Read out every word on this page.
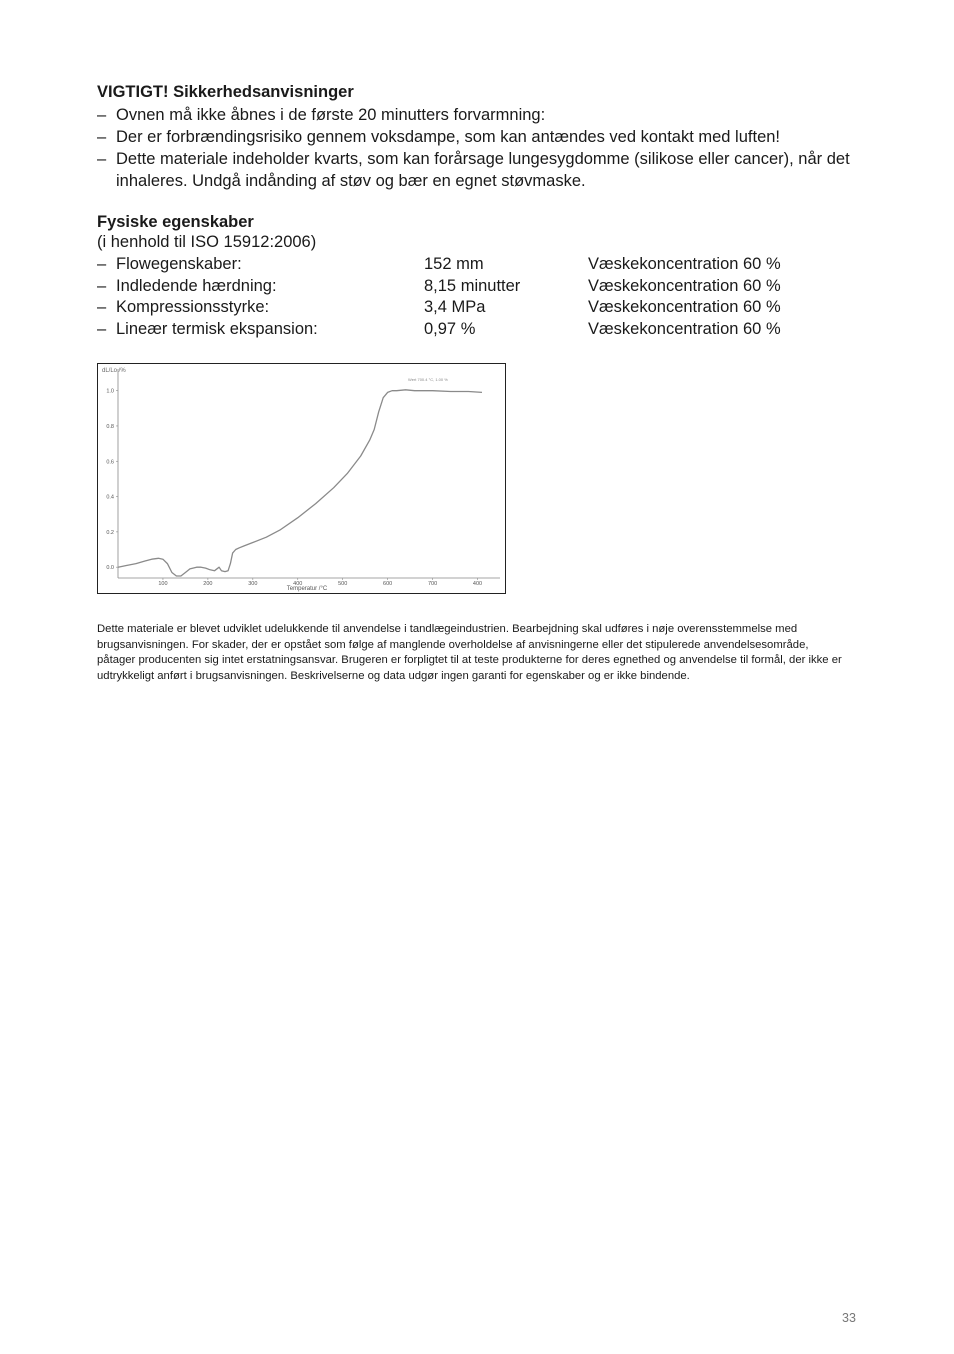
VIGTIGT! Sikkerhedsanvisninger
– Ovnen må ikke åbnes i de første 20 minutters forvarmning:
– Der er forbrændingsrisiko gennem voksdampe, som kan antændes ved kontakt med luften!
– Dette materiale indeholder kvarts, som kan forårsage lungesygdomme (silikose eller cancer), når det
inhaleres. Undgå indånding af støv og bær en egnet støvmaske.
Fysiske egenskaber
(i henhold til ISO 15912:2006)
– Flowegenskaber:	152 mm	Væskekoncentration 60 %
– Indledende hærdning:	8,15 minutter	Væskekoncentration 60 %
– Kompressionsstyrke:	3,4 MPa	Væskekoncentration 60 %
– Lineær termisk ekspansion:	0,97 %	Væskekoncentration 60 %
0.0
0.2
0.4
0.6
0.8
1.0
100	200	300	400	500	600	700	400
dL/Lo /%
Temperatur /°C
Wert 700.4 °C, 1.00 %
Dette materiale er blevet udviklet udelukkende til anvendelse i tandlægeindustrien. Bearbejdning skal udføres i nøje overensstemmelse med brugsanvisningen. For skader, der er opstået som følge af manglende overholdelse af anvisningerne eller det stipulerede anvendelsesområde, påtager producenten sig intet erstatningsansvar. Brugeren er forpligtet til at teste produkterne for deres egnethed og anvendelse til formål, der ikke er udtrykkeligt anført i brugsanvisningen. Beskrivelserne og data udgør ingen garanti for egenskaber og er ikke bindende.
33
